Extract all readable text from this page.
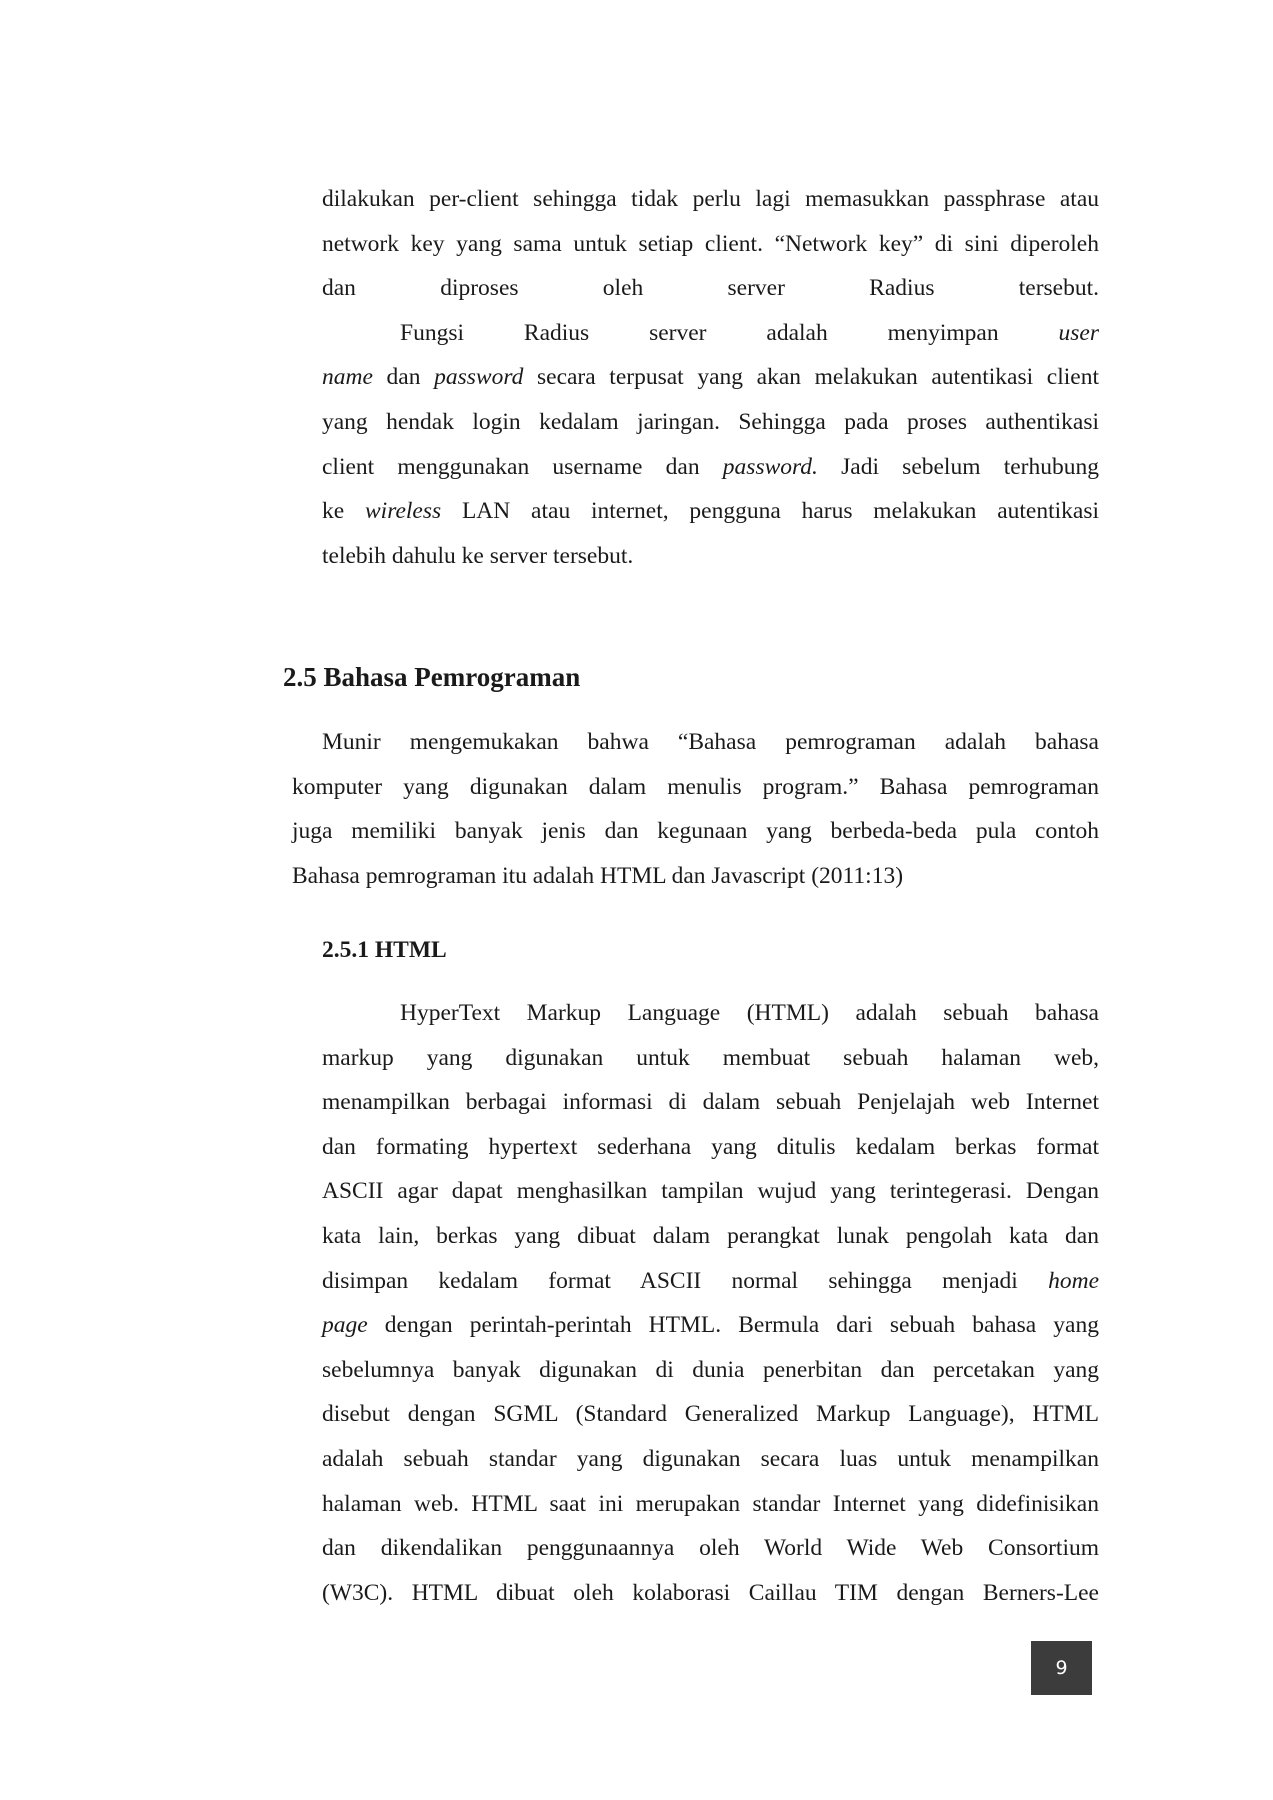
dilakukan per-client sehingga tidak perlu lagi memasukkan passphrase atau
network key yang sama untuk setiap client. “Network key” di sini diperoleh
dan diproses oleh server Radius tersebut.
Fungsi Radius server adalah menyimpan user
name dan password secara terpusat yang akan melakukan autentikasi client
yang hendak login kedalam jaringan. Sehingga pada proses authentikasi
client menggunakan username dan password. Jadi sebelum terhubung
ke wireless LAN atau internet, pengguna harus melakukan autentikasi
telebih dahulu ke server tersebut.
2.5 Bahasa Pemrograman
Munir mengemukakan bahwa “Bahasa pemrograman adalah bahasa
komputer yang digunakan dalam menulis program.” Bahasa pemrograman
juga memiliki banyak jenis dan kegunaan yang berbeda-beda pula contoh
Bahasa pemrograman itu adalah HTML dan Javascript (2011:13)
2.5.1 HTML
HyperText Markup Language (HTML) adalah sebuah bahasa
markup yang digunakan untuk membuat sebuah halaman web,
menampilkan berbagai informasi di dalam sebuah Penjelajah web Internet
dan formating hypertext sederhana yang ditulis kedalam berkas format
ASCII agar dapat menghasilkan tampilan wujud yang terintegerasi. Dengan
kata lain, berkas yang dibuat dalam perangkat lunak pengolah kata dan
disimpan kedalam format ASCII normal sehingga menjadi home
page dengan perintah-perintah HTML. Bermula dari sebuah bahasa yang
sebelumnya banyak digunakan di dunia penerbitan dan percetakan yang
disebut dengan SGML (Standard Generalized Markup Language), HTML
adalah sebuah standar yang digunakan secara luas untuk menampilkan
halaman web. HTML saat ini merupakan standar Internet yang didefinisikan
dan dikendalikan penggunaannya oleh World Wide Web Consortium
(W3C). HTML dibuat oleh kolaborasi Caillau TIM dengan Berners-Lee
9
